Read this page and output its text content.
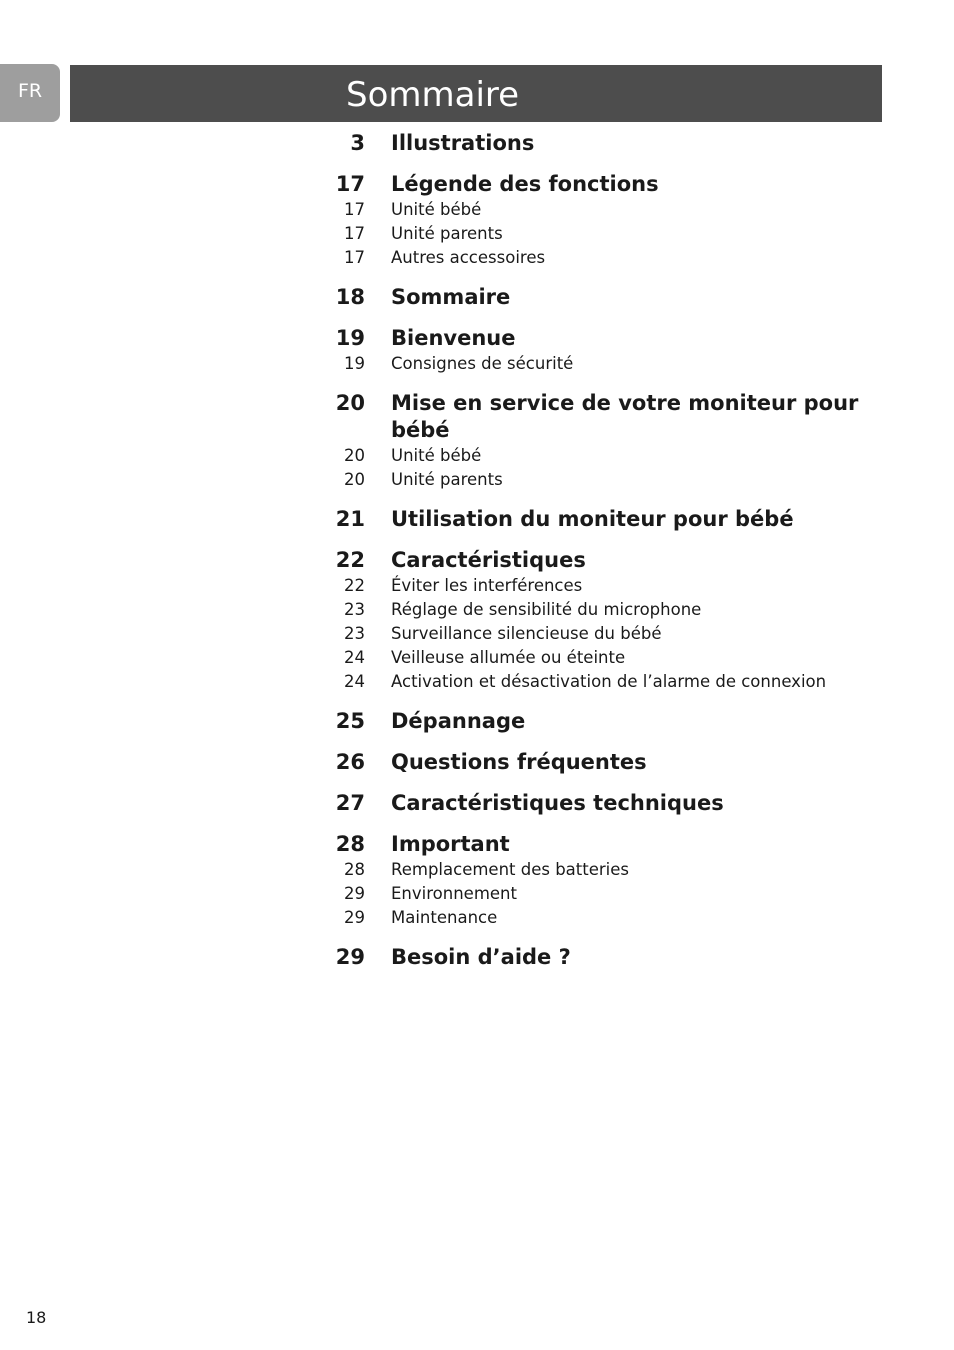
FR	Sommaire
3 Illustrations
17 Légende des fonctions
17 Unité bébé
17 Unité parents
17 Autres accessoires
18 Sommaire
19 Bienvenue
19 Consignes de sécurité
20 Mise en service de votre moniteur pour bébé
20 Unité bébé
20 Unité parents
21 Utilisation du moniteur pour bébé
22 Caractéristiques
22 Éviter les interférences
23 Réglage de sensibilité du microphone
23 Surveillance silencieuse du bébé
24 Veilleuse allumée ou éteinte
24 Activation et désactivation de l’alarme de connexion
25 Dépannage
26 Questions fréquentes
27 Caractéristiques techniques
28 Important
28 Remplacement des batteries
29 Environnement
29 Maintenance
29 Besoin d’aide ?
18
